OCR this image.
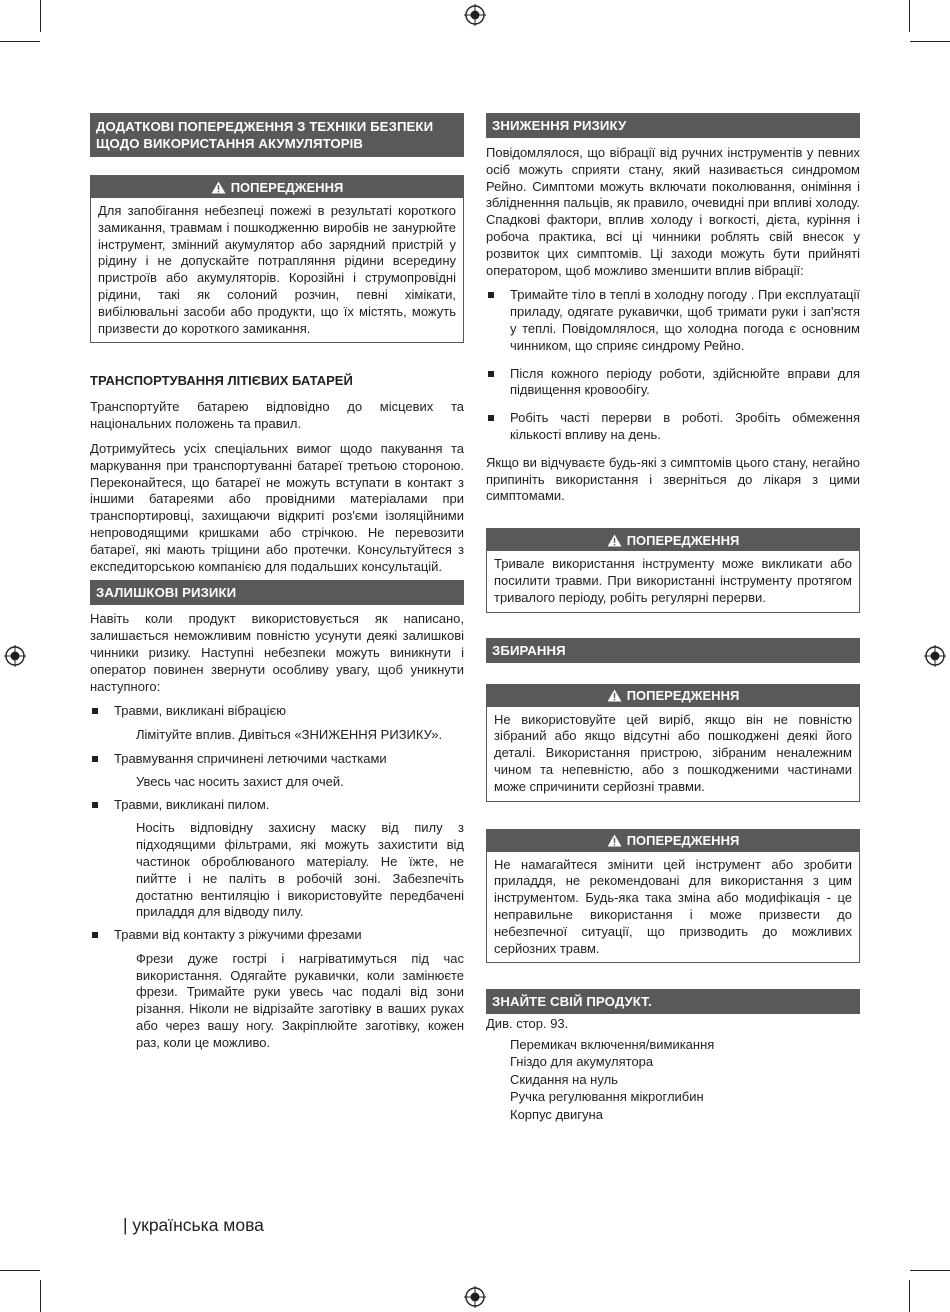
ДОДАТКОВІ ПОПЕРЕДЖЕННЯ З ТЕХНІКИ БЕЗПЕКИ ЩОДО ВИКОРИСТАННЯ АКУМУЛЯТОРІВ
ПОПЕРЕДЖЕННЯ
Для запобігання небезпеці пожежі в результаті короткого замикання, травмам і пошкодженню виробів не занурюйте інструмент, змінний акумулятор або зарядний пристрій у рідину і не допускайте потрапляння рідини всередину пристроїв або акумуляторів. Корозійні і струмопровідні рідини, такі як солоний розчин, певні хімікати, вибілювальні засоби або продукти, що їх містять, можуть призвести до короткого замикання.
ТРАНСПОРТУВАННЯ ЛІТІЄВИХ БАТАРЕЙ

Транспортуйте батарею відповідно до місцевих та національних положень та правил.

Дотримуйтесь усіх спеціальних вимог щодо пакування та маркування при транспортуванні батареї третьою стороною. Переконайтеся, що батареї не можуть вступати в контакт з іншими батареями або провідними матеріалами при транспортировці, захищаючи відкриті роз'єми ізоляційними непроводящими кришками або стрічкою. Не перевозити батареї, які мають тріщини або протечки. Консультуйтеся з експедиторською компанією для подальших консультацій.

ЗАЛИШКОВІ РИЗИКИ

Навіть коли продукт використовується як написано, залишається неможливим повністю усунути деякі залишкові чинники ризику. Наступні небезпеки можуть виникнути і оператор повинен звернути особливу увагу, щоб уникнути наступного:

Травми, викликані вібрацією
Лімітуйте вплив. Дивіться «ЗНИЖЕННЯ РИЗИКУ».
Травмування спричинені летючими частками
Увесь час носить захист для очей.
Травми, викликані пилом.
Носіть відповідну захисну маску від пилу з підходящими фільтрами, які можуть захистити від частинок оброблюваного матеріалу. Не їжте, не пийтте і не паліть в робочій зоні. Забезпечіть достатню вентиляцію і використовуйте передбачені приладдя для відводу пилу.
Травми від контакту з ріжучими фрезами
Фрези дуже гострі і нагріватимуться під час використання. Одягайте рукавички, коли замінюєте фрези. Тримайте руки увесь час подалі від зони різання. Ніколи не відрізайте заготівку в ваших руках або через вашу ногу. Закріплюйте заготівку, кожен раз, коли це можливо.
ЗНИЖЕННЯ РИЗИКУ

Повідомлялося, що вібрації від ручних інструментів у певних осіб можуть сприяти стану, який називається синдромом Рейно. Симптоми можуть включати поколювання, оніміння і зблідненння пальців, як правило, очевидні при впливі холоду. Спадкові фактори, вплив холоду і вогкості, дієта, куріння і робоча практика, всі ці чинники роблять свій внесок у розвиток цих симптомів. Ці заходи можуть бути прийняті оператором, щоб можливо зменшити вплив вібрації:

Тримайте тіло в теплі в холодну погоду . При експлуатації приладу, одягате рукавички, щоб тримати руки і зап'ястя у теплі. Повідомлялося, що холодна погода є основним чинником, що сприяє синдрому Рейно.
Після кожного періоду роботи, здійснюйте вправи для підвищення кровообігу.
Робіть часті перерви в роботі. Зробіть обмеження кількості впливу на день.

Якщо ви відчуваєте будь-які з симптомів цього стану, негайно припиніть використання і зверніться до лікаря з цими симптомами.

ПОПЕРЕДЖЕННЯ
Тривале використання інструменту може викликати або посилити травми. При використанні інструменту протягом тривалого періоду, робіть регулярні перерви.
ЗБИРАННЯ
ПОПЕРЕДЖЕННЯ
Не використовуйте цей виріб, якщо він не повністю зібраний або якщо відсутні або пошкоджені деякі його деталі. Використання пристрою, зібраним неналежним чином та непевністю, або з пошкодженими частинами може спричинити серйозні травми.
ПОПЕРЕДЖЕННЯ
Не намагайтеся змінити цей інструмент або зробити приладдя, не рекомендовані для використання з цим інструментом. Будь-яка така зміна або модифікація - це неправильне використання і може призвести до небезпечної ситуації, що призводить до можливих серйозних травм.
ЗНАЙТЕ СВІЙ ПРОДУКТ.
Див. стор. 93.
Перемикач включення/вимикання
Гніздо для акумулятора
Скидання на нуль
Ручка регулювання мікроглибин
Корпус двигуна
| українська мова
